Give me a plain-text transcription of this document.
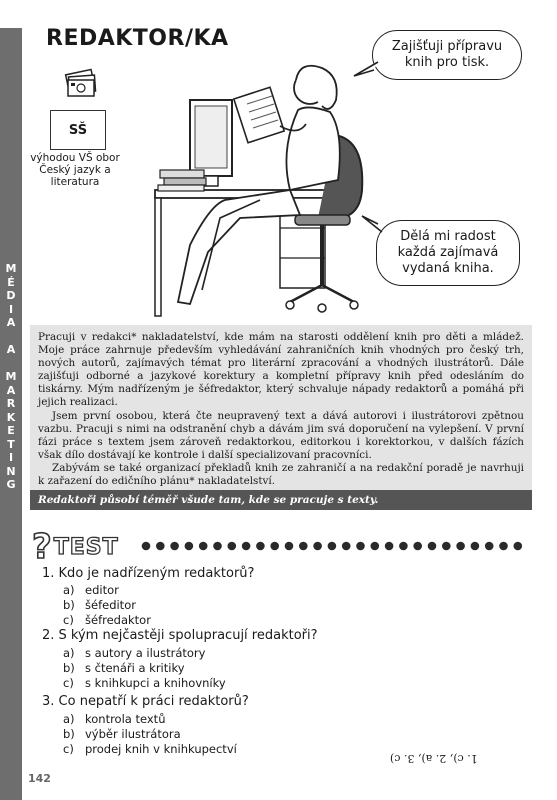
M
É
D
I
A
A
M
A
R
K
E
T
I
N
G
REDAKTOR/KA
SŠ
výhodou VŠ obor Český jazyk a literatura
Zajišťuji přípravu knih pro tisk.
Dělá mi radost každá zajímavá vydaná kniha.

Pracuji v redakci* nakladatelství, kde mám na starosti oddělení knih pro děti a mládež. Moje práce zahrnuje především vyhledávání zahraničních knih vhodných pro český trh, nových autorů, zajímavých témat pro literární zpracování a vhodných ilustrátorů. Dále zajišťuji odborné a jazykové korektury a kompletní přípravy knih před odesláním do tiskárny. Mým nadřízeným je šéfredaktor, který schvaluje nápady redaktorů a pomáhá při jejich realizaci.

Jsem první osobou, která čte neupravený text a dává autorovi i ilustrátorovi zpětnou vazbu. Pracuji s nimi na odstranění chyb a dávám jim svá doporučení na vylepšení. V první fázi práce s textem jsem zároveň redaktorkou, editorkou i korektorkou, v dalších fázích však dílo dostávají ke kontrole i další specializovaní pracovníci.

Zabývám se také organizací překladů knih ze zahraničí a na redakční poradě je navrhuji k zařazení do edičního plánu* nakladatelství.

Redaktoři působí téměř všude tam, kde se pracuje s texty.
? TEST
1. Kdo je nadřízeným redaktorů?
a) editor
b) šéfeditor
c) šéfredaktor
2. S kým nejčastěji spolupracují redaktoři?
a) s autory a ilustrátory
b) s čtenáři a kritiky
c) s knihkupci a knihovníky
3. Co nepatří k práci redaktorů?
a) kontrola textů
b) výběr ilustrátora
c) prodej knih v knihkupectví
1. c), 2. a), 3. c)
142
